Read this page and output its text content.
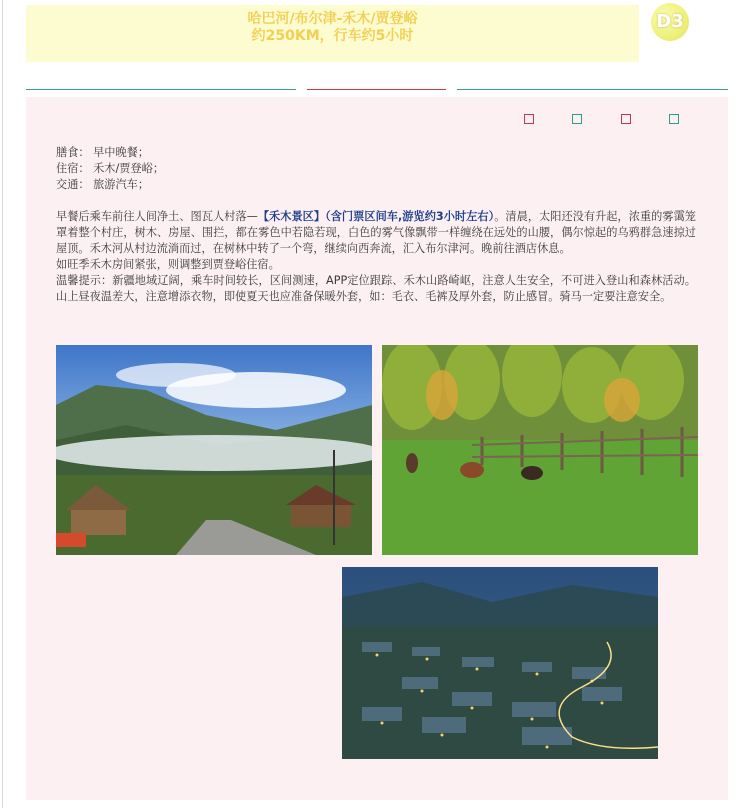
哈巴河/布尔津-禾木/贾登峪
约250KM，行车约5小时
D3
膳食： 早中晚餐；
住宿： 禾木/贾登峪；
交通： 旅游汽车；

早餐后乘车前往人间净土、图瓦人村落—【禾木景区】（含门票区间车,游览约3小时左右）。清晨，太阳还没有升起，浓重的雾霭笼罩着整个村庄，树木、房屋、围拦，都在雾色中若隐若现，白色的雾气像飘带一样缠绕在远处的山腰，偶尔惊起的乌鸦群急速掠过屋顶。禾木河从村边流淌而过，在树林中转了一个弯，继续向西奔流，汇入布尔津河。晚前往酒店休息。

如旺季禾木房间紧张，则调整到贾登峪住宿。

温馨提示：新疆地域辽阔，乘车时间较长，区间测速，APP定位跟踪、禾木山路崎岖，注意人生安全，不可进入登山和森林活动。山上昼夜温差大，注意增添衣物，即使夏天也应准备保暖外套，如：毛衣、毛裤及厚外套，防止感冒。骑马一定要注意安全。
